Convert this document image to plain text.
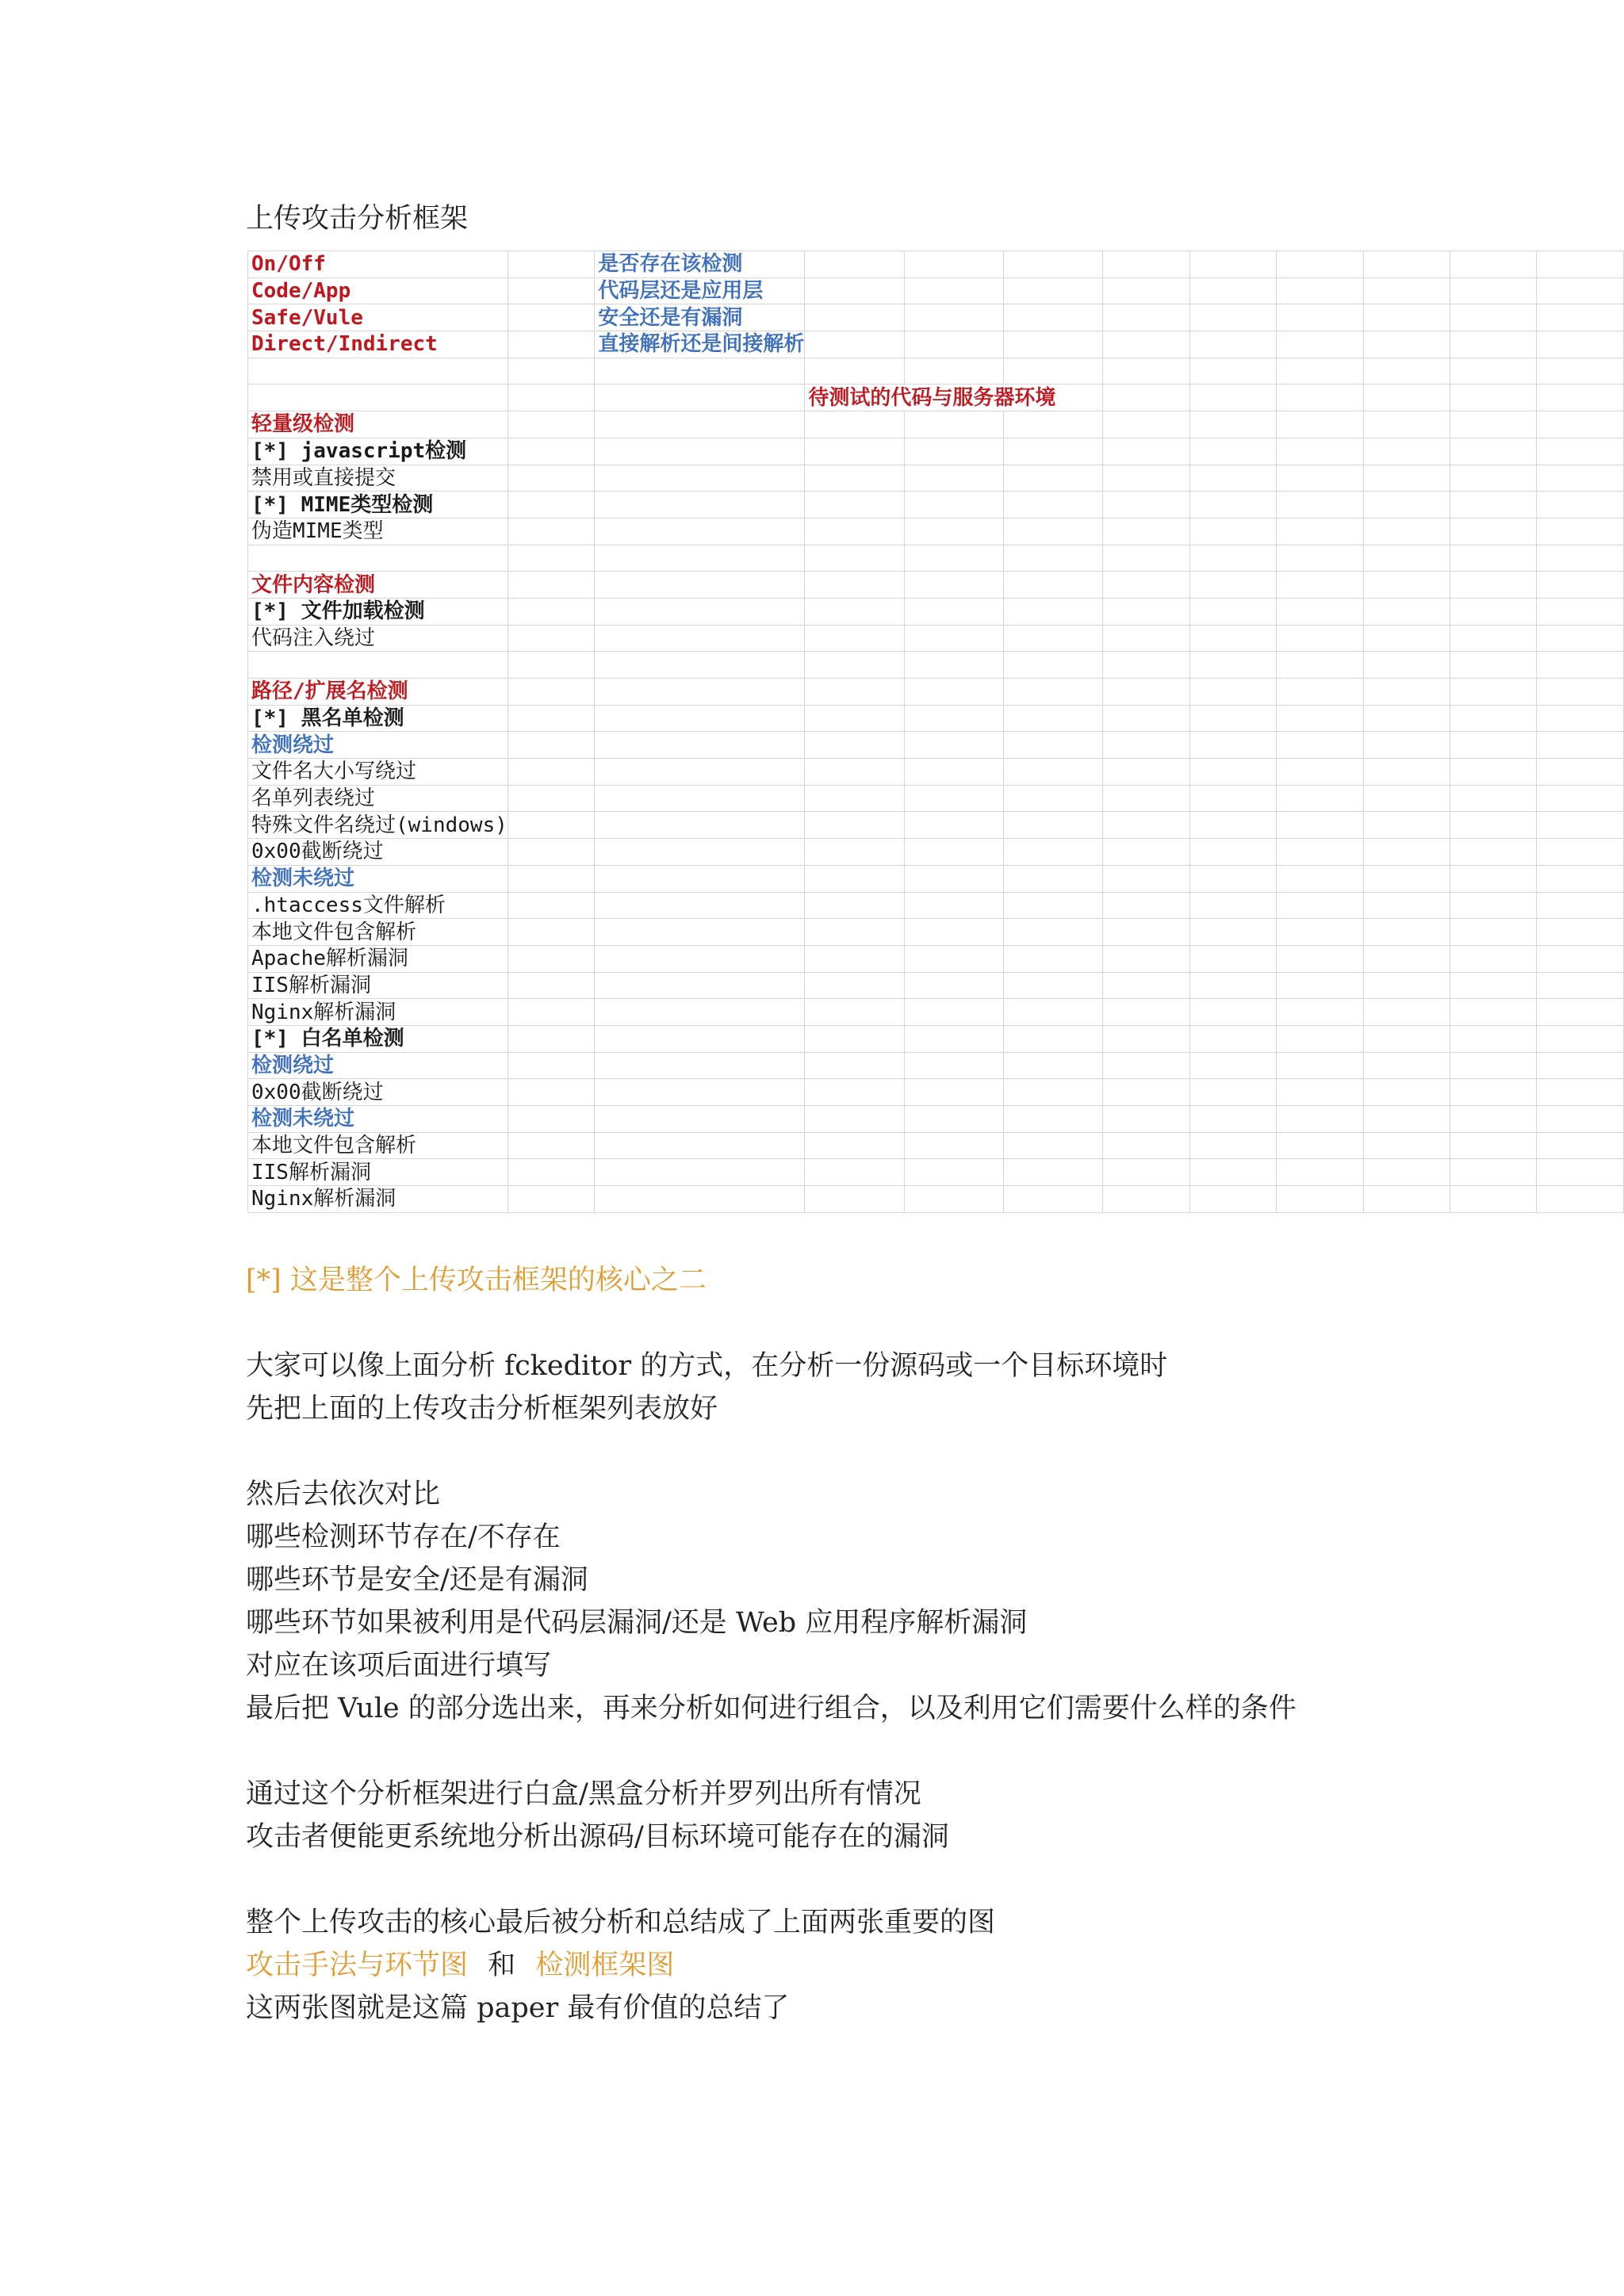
上传攻击分析框架
On/Off		是否存在该检测									
Code/App		代码层还是应用层									
Safe/Vule		安全还是有漏洞									
Direct/Indirect		直接解析还是间接解析									

			待测试的代码与服务器环境								
轻量级检测											
[*] javascript检测											
禁用或直接提交											
[*] MIME类型检测											
伪造MIME类型											

文件内容检测											
[*] 文件加载检测											
代码注入绕过											

路径/扩展名检测											
[*] 黑名单检测											
检测绕过											
文件名大小写绕过											
名单列表绕过											
特殊文件名绕过(windows)											
0x00截断绕过											
检测未绕过											
.htaccess文件解析											
本地文件包含解析											
Apache解析漏洞											
IIS解析漏洞											
Nginx解析漏洞											
[*] 白名单检测											
检测绕过											
0x00截断绕过											
检测未绕过											
本地文件包含解析											
IIS解析漏洞											
Nginx解析漏洞											
[*] 这是整个上传攻击框架的核心之二
大家可以像上面分析 fckeditor 的方式，在分析一份源码或一个目标环境时
先把上面的上传攻击分析框架列表放好
然后去依次对比
哪些检测环节存在/不存在
哪些环节是安全/还是有漏洞
哪些环节如果被利用是代码层漏洞/还是 Web 应用程序解析漏洞
对应在该项后面进行填写
最后把 Vule 的部分选出来，再来分析如何进行组合，以及利用它们需要什么样的条件
通过这个分析框架进行白盒/黑盒分析并罗列出所有情况
攻击者便能更系统地分析出源码/目标环境可能存在的漏洞
整个上传攻击的核心最后被分析和总结成了上面两张重要的图
攻击手法与环节图 和 检测框架图
这两张图就是这篇 paper 最有价值的总结了
